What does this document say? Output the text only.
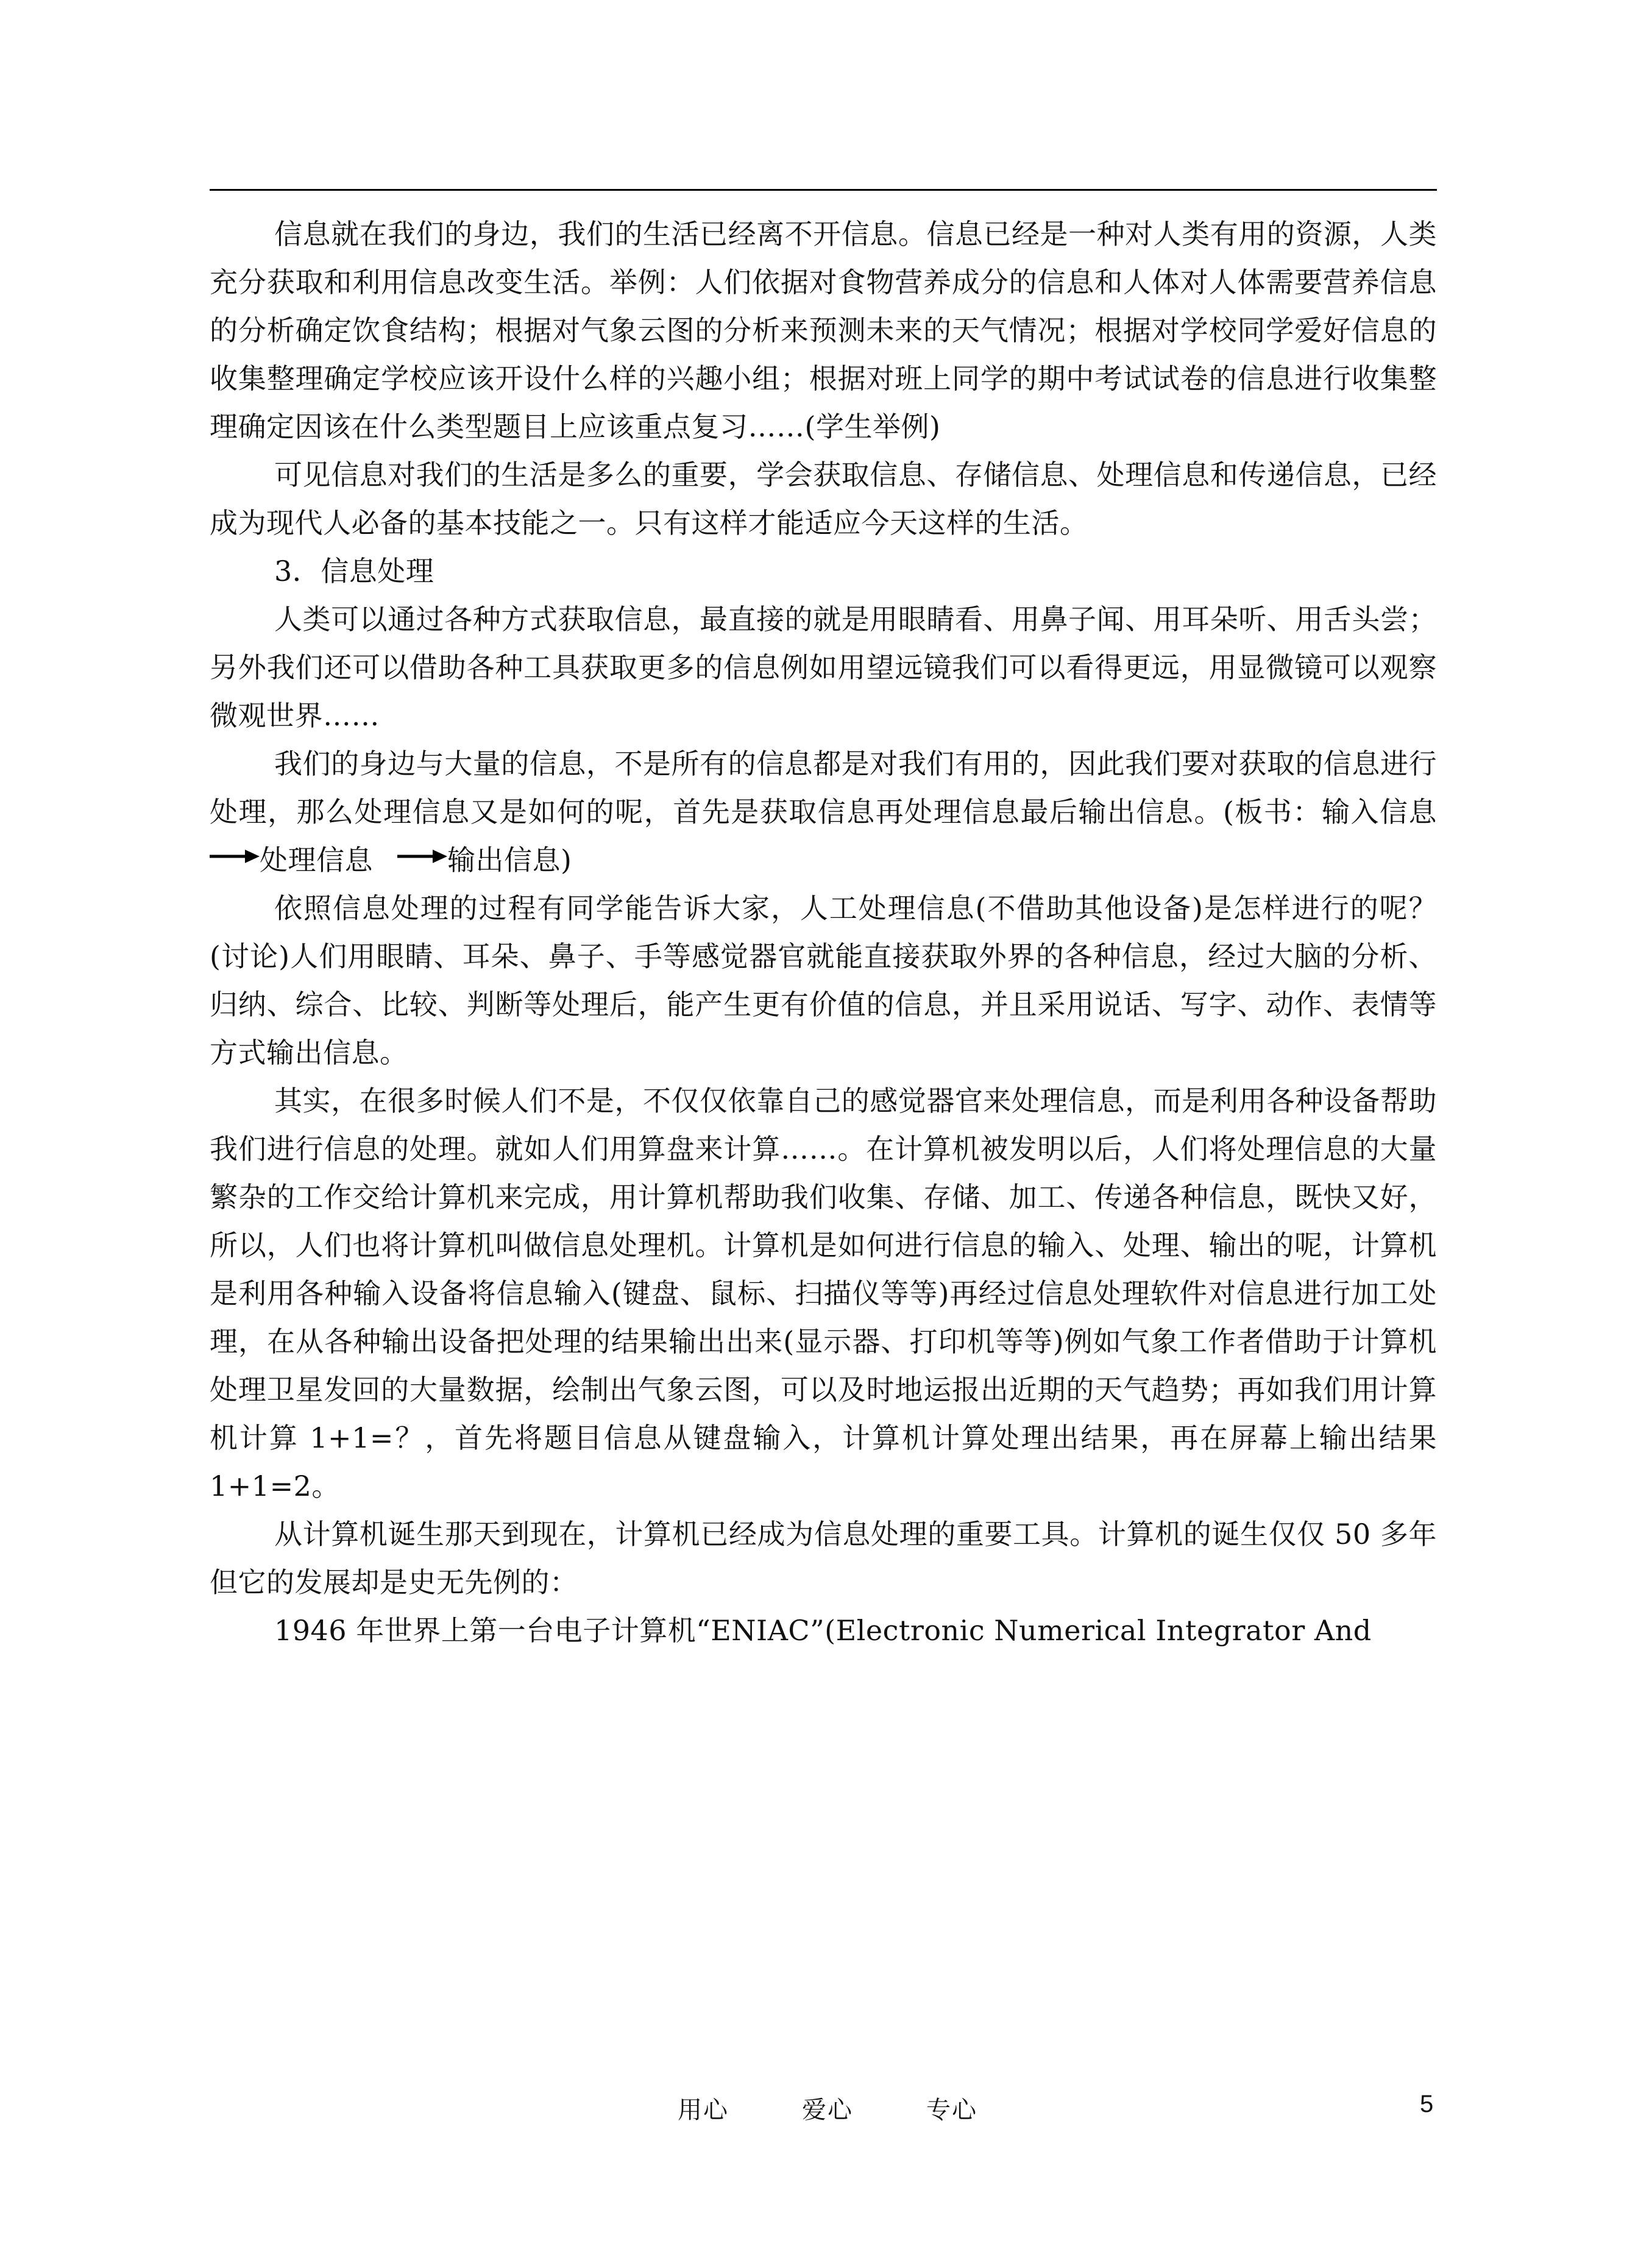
信息就在我们的身边，我们的生活已经离不开信息。信息已经是一种对人类有用的资源，人类充分获取和利用信息改变生活。举例：人们依据对食物营养成分的信息和人体对人体需要营养信息的分析确定饮食结构；根据对气象云图的分析来预测未来的天气情况；根据对学校同学爱好信息的收集整理确定学校应该开设什么样的兴趣小组；根据对班上同学的期中考试试卷的信息进行收集整理确定因该在什么类型题目上应该重点复习……(学生举例)

可见信息对我们的生活是多么的重要，学会获取信息、存储信息、处理信息和传递信息，已经成为现代人必备的基本技能之一。只有这样才能适应今天这样的生活。

3．信息处理

人类可以通过各种方式获取信息，最直接的就是用眼睛看、用鼻子闻、用耳朵听、用舌头尝；另外我们还可以借助各种工具获取更多的信息例如用望远镜我们可以看得更远，用显微镜可以观察微观世界……

我们的身边与大量的信息，不是所有的信息都是对我们有用的，因此我们要对获取的信息进行处理，那么处理信息又是如何的呢，首先是获取信息再处理信息最后输出信息。(板书：输入信息
处理信息	输出信息)

依照信息处理的过程有同学能告诉大家，人工处理信息(不借助其他设备)是怎样进行的呢？(讨论)人们用眼睛、耳朵、鼻子、手等感觉器官就能直接获取外界的各种信息，经过大脑的分析、归纳、综合、比较、判断等处理后，能产生更有价值的信息，并且采用说话、写字、动作、表情等方式输出信息。

其实，在很多时候人们不是，不仅仅依靠自己的感觉器官来处理信息，而是利用各种设备帮助我们进行信息的处理。就如人们用算盘来计算……。在计算机被发明以后，人们将处理信息的大量繁杂的工作交给计算机来完成，用计算机帮助我们收集、存储、加工、传递各种信息，既快又好，所以，人们也将计算机叫做信息处理机。计算机是如何进行信息的输入、处理、输出的呢，计算机是利用各种输入设备将信息输入(键盘、鼠标、扫描仪等等)再经过信息处理软件对信息进行加工处理，在从各种输出设备把处理的结果输出出来(显示器、打印机等等)例如气象工作者借助于计算机处理卫星发回的大量数据，绘制出气象云图，可以及时地运报出近期的天气趋势；再如我们用计算机计算 1+1=？，首先将题目信息从键盘输入，计算机计算处理出结果，再在屏幕上输出结果 1+1=2。

从计算机诞生那天到现在，计算机已经成为信息处理的重要工具。计算机的诞生仅仅 50 多年但它的发展却是史无先例的：

1946 年世界上第一台电子计算机“ENIAC”(Electronic Numerical Integrator And

用心	爱心	专心	5
